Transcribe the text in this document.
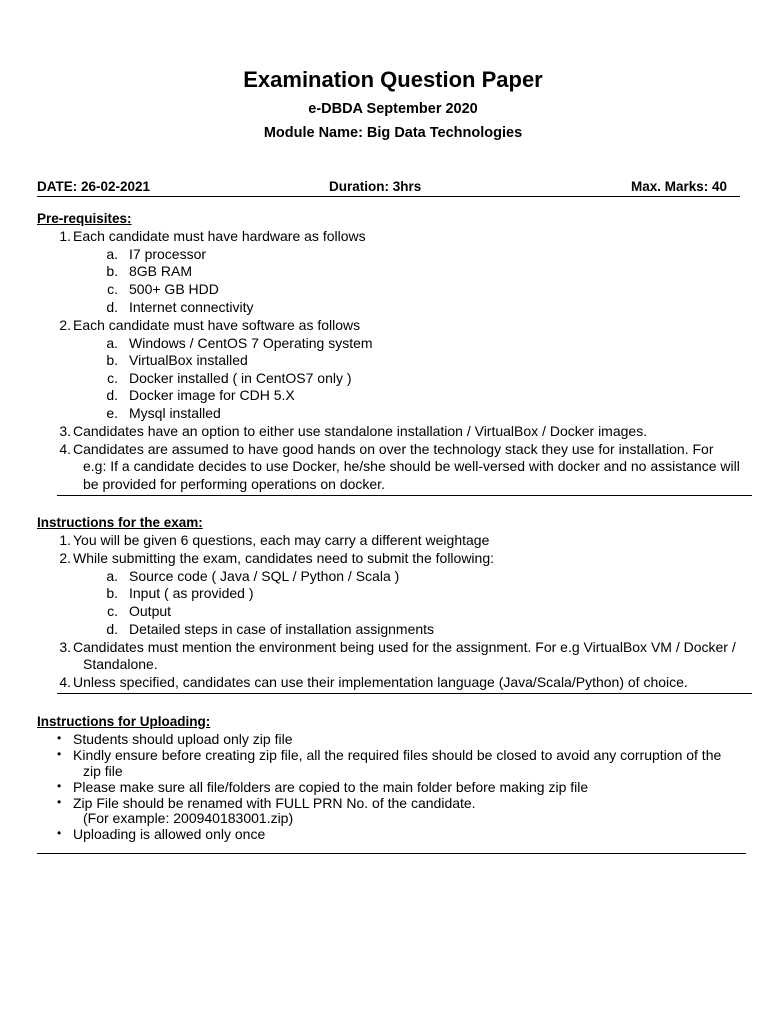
Examination Question Paper
e-DBDA September 2020
Module Name: Big Data Technologies
DATE: 26-02-2021	Duration: 3hrs	Max. Marks: 40
Pre-requisites:
1. Each candidate must have hardware as follows
a. I7 processor
b. 8GB RAM
c. 500+ GB HDD
d. Internet connectivity
2. Each candidate must have software as follows
a. Windows / CentOS 7 Operating system
b. VirtualBox installed
c. Docker installed ( in CentOS7 only )
d. Docker image for CDH 5.X
e. Mysql installed
3. Candidates have an option to either use standalone installation / VirtualBox / Docker images.
4. Candidates are assumed to have good hands on over the technology stack they use for installation. For
e.g: If a candidate decides to use Docker, he/she should be well-versed with docker and no assistance will
be provided for performing operations on docker.
Instructions for the exam:
1. You will be given 6 questions, each may carry a different weightage
2. While submitting the exam, candidates need to submit the following:
a. Source code ( Java / SQL / Python / Scala )
b. Input ( as provided )
c. Output
d. Detailed steps in case of installation assignments
3. Candidates must mention the environment being used for the assignment. For e.g VirtualBox VM / Docker /
Standalone.
4. Unless specified, candidates can use their implementation language (Java/Scala/Python) of choice.
Instructions for Uploading:
• Students should upload only zip file
• Kindly ensure before creating zip file, all the required files should be closed to avoid any corruption of the
zip file
• Please make sure all file/folders are copied to the main folder before making zip file
• Zip File should be renamed with FULL PRN No. of the candidate.
(For example: 200940183001.zip)
• Uploading is allowed only once
